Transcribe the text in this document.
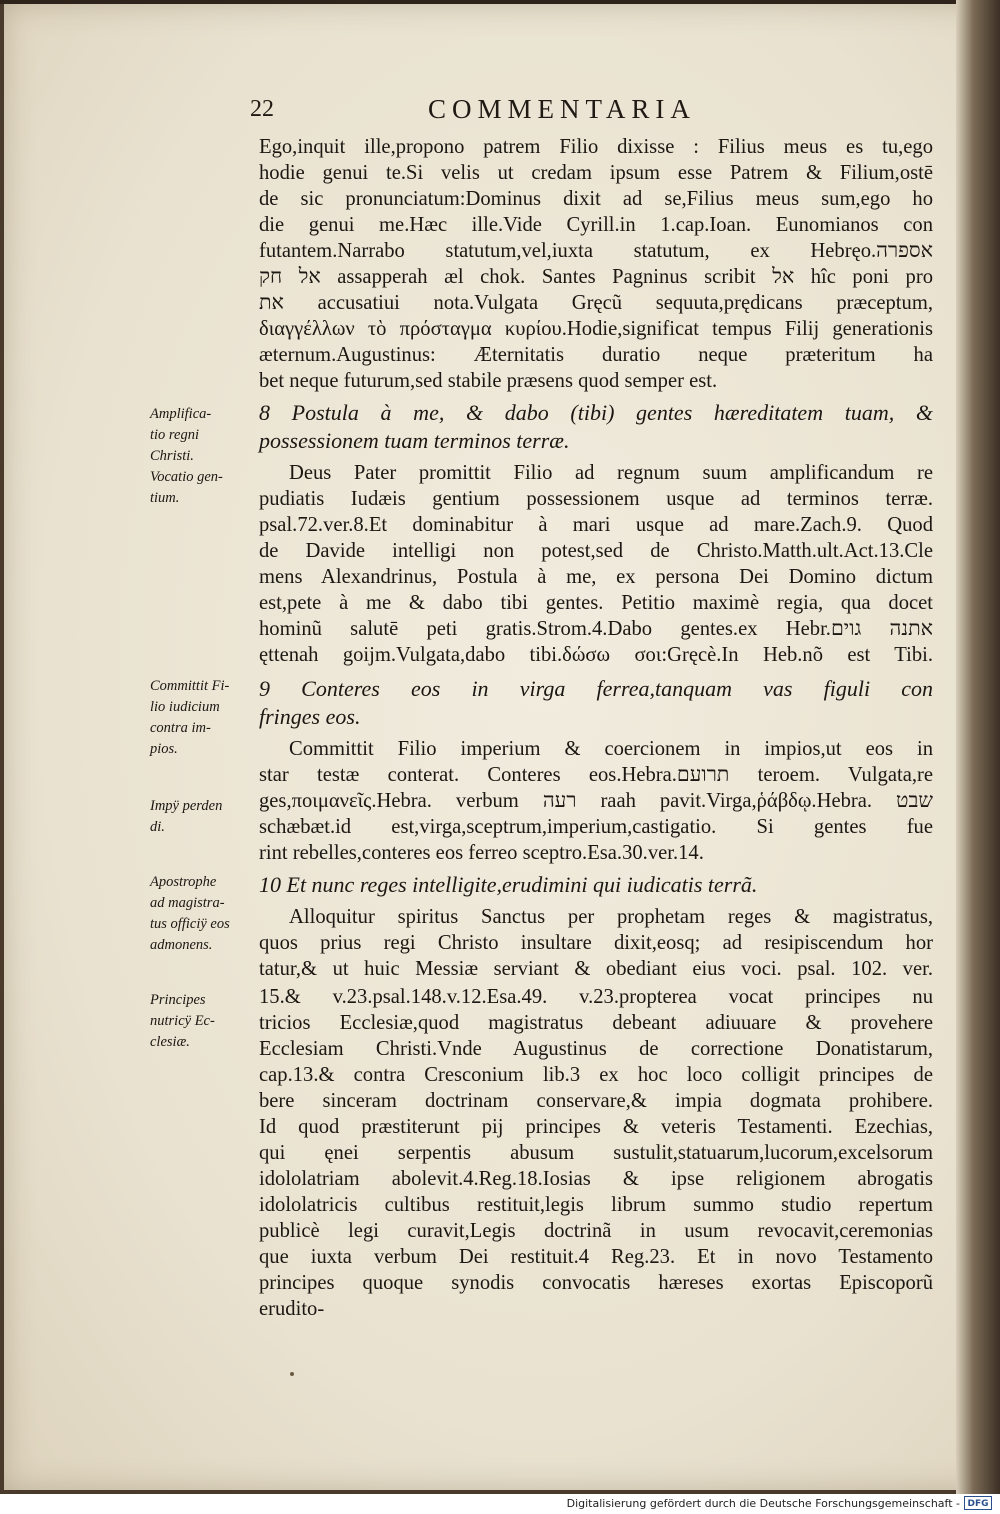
22	COMMENTARIA
Ego,inquit ille,propono patrem Filio dixisse : Filius meus es tu,ego
hodie genui te.Si velis ut credam ipsum esse Patrem & Filium,ostē
de sic pronunciatum:Dominus dixit ad se,Filius meus sum,ego ho
die genui me.Hæc ille.Vide Cyrill.in 1.cap.Ioan. Eunomianos con
futantem.Narrabo statutum,vel,iuxta statutum, ex Hebręo.אספרה
אל חק assapperah æl chok. Santes Pagninus scribit אל hîc poni pro
את accusatiui nota.Vulgata Gręcũ sequuta,prędicans præceptum,
διαγγέλλων τὸ πρόσταγμα κυρίου.Hodie,significat tempus Filij generationis
æternum.Augustinus: Æternitatis duratio neque præteritum ha
bet neque futurum,sed stabile præsens quod semper est.
8 Postula à me, & dabo (tibi) gentes hæreditatem tuam, &
possessionem tuam terminos terræ.
Deus Pater promittit Filio ad regnum suum amplificandum re
pudiatis Iudæis gentium possessionem usque ad terminos terræ.
psal.72.ver.8.Et dominabitur à mari usque ad mare.Zach.9. Quod
de Davide intelligi non potest,sed de Christo.Matth.ult.Act.13.Cle
mens Alexandrinus, Postula à me, ex persona Dei Domino dictum
est,pete à me & dabo tibi gentes. Petitio maximè regia, qua docet
hominũ salutē peti gratis.Strom.4.Dabo gentes.ex Hebr.אתנה גוים
ęttenah goijm.Vulgata,dabo tibi.δώσω σοι:Gręcè.In Heb.nõ est Tibi.
9 Conteres eos in virga ferrea,tanquam vas figuli con
fringes eos.
Committit Filio imperium & coercionem in impios,ut eos in
star testæ conterat. Conteres eos.Hebra.תרועם teroem. Vulgata,re
ges,ποιμανεῖς.Hebra. verbum רעה raah pavit.Virga,ῥάβδῳ.Hebra. שבט
schæbæt.id est,virga,sceptrum,imperium,castigatio. Si gentes fue
rint rebelles,conteres eos ferreo sceptro.Esa.30.ver.14.
10 Et nunc reges intelligite,erudimini qui iudicatis terrã.
Alloquitur spiritus Sanctus per prophetam reges & magistratus,
quos prius regi Christo insultare dixit,eosq; ad resipiscendum hor
tatur,& ut huic Messiæ serviant & obediant eius voci. psal. 102. ver.
15.& v.23.psal.148.v.12.Esa.49. v.23.propterea vocat principes nu
tricios Ecclesiæ,quod magistratus debeant adiuuare & provehere
Ecclesiam Christi.Vnde Augustinus de correctione Donatistarum,
cap.13.& contra Cresconium lib.3 ex hoc loco colligit principes de
bere sinceram doctrinam conservare,& impia dogmata prohibere.
Id quod præstiterunt pij principes & veteris Testamenti. Ezechias,
qui ęnei serpentis abusum sustulit,statuarum,lucorum,excelsorum
idololatriam abolevit.4.Reg.18.Iosias & ipse religionem abrogatis
idololatricis cultibus restituit,legis librum summo studio repertum
publicè legi curavit,Legis doctrinã in usum revocavit,ceremonias
que iuxta verbum Dei restituit.4 Reg.23. Et in novo Testamento
principes quoque synodis convocatis hæreses exortas Episcoporũ
erudito-
Amplifica-
tio regni
Christi.
Vocatio gen-
tium.
Committit Fi-
lio iudicium
contra im-
pios.
Impÿ perden
di.
Apostrophe
ad magistra-
tus officiÿ eos
admonens.
Principes
nutricÿ Ec-
clesiæ.
Digitalisierung gefördert durch die Deutsche Forschungsgemeinschaft - DFG
